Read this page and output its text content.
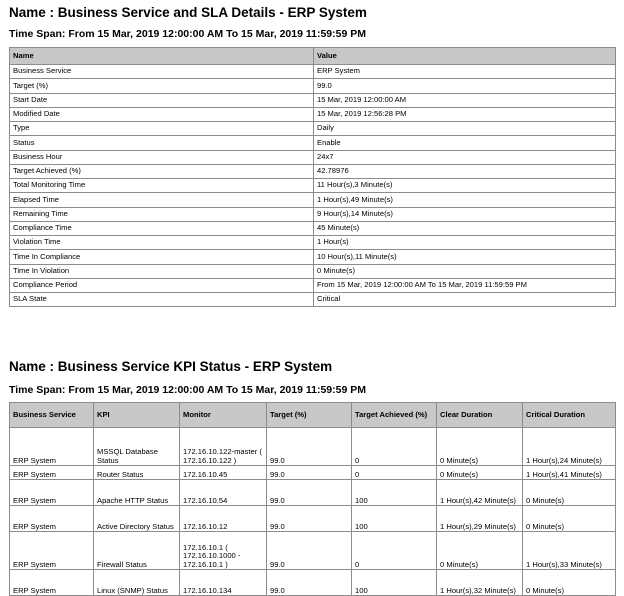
Name : Business Service and SLA Details - ERP System
Time Span: From 15 Mar, 2019 12:00:00 AM To 15 Mar, 2019 11:59:59 PM
Name	Value
Business Service	ERP System
Target (%)	99.0
Start Date	15 Mar, 2019 12:00:00 AM
Modified Date	15 Mar, 2019 12:56:28 PM
Type	Daily
Status	Enable
Business Hour	24x7
Target Achieved (%)	42.78976
Total Monitoring Time	11 Hour(s),3 Minute(s)
Elapsed Time	1 Hour(s),49 Minute(s)
Remaining Time	9 Hour(s),14 Minute(s)
Compliance Time	45 Minute(s)
Violation Time	1 Hour(s)
Time In Compliance	10 Hour(s),11 Minute(s)
Time In Violation	0 Minute(s)
Compliance Period	From 15 Mar, 2019 12:00:00 AM To 15 Mar, 2019 11:59:59 PM
SLA State	Critical
Name : Business Service KPI Status - ERP System
Time Span: From 15 Mar, 2019 12:00:00 AM To 15 Mar, 2019 11:59:59 PM
Business Service	KPI	Monitor	Target (%)	Target Achieved (%)	Clear Duration	Critical Duration
ERP System	MSSQL Database Status	172.16.10.122-master ( 172.16.10.122 )	99.0	0	0 Minute(s)	1 Hour(s),24 Minute(s)
ERP System	Router Status	172.16.10.45	99.0	0	0 Minute(s)	1 Hour(s),41 Minute(s)
ERP System	Apache HTTP Status	172.16.10.54	99.0	100	1 Hour(s),42 Minute(s)	0 Minute(s)
ERP System	Active Directory Status	172.16.10.12	99.0	100	1 Hour(s),29 Minute(s)	0 Minute(s)
ERP System	Firewall Status	172.16.10.1 ( 172.16.10.1000 - 172.16.10.1 )	99.0	0	0 Minute(s)	1 Hour(s),33 Minute(s)
ERP System	Linux (SNMP) Status	172.16.10.134	99.0	100	1 Hour(s),32 Minute(s)	0 Minute(s)
